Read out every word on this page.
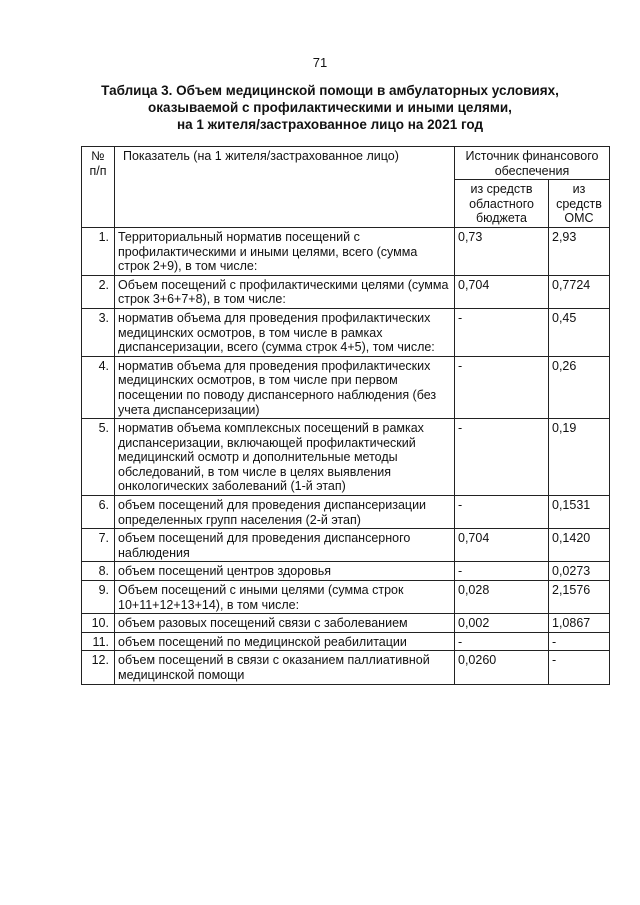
71
Таблица 3. Объем медицинской помощи в амбулаторных условиях,
оказываемой с профилактическими и иными целями,
на 1 жителя/застрахованное лицо на 2021 год
№ п/п	Показатель (на 1 жителя/застрахованное лицо)	Источник финансового обеспечения	
		из средств областного бюджета	из средств ОМС
1.	Территориальный норматив посещений с профилактическими и иными целями, всего (сумма строк 2+9), в том числе:	0,73	2,93
2.	Объем посещений с профилактическими целями (сумма строк 3+6+7+8), в том числе:	0,704	0,7724
3.	норматив объема для проведения профилактических медицинских осмотров, в том числе в рамках диспансеризации, всего (сумма строк 4+5), том числе:	-	0,45
4.	норматив объема для проведения профилактических медицинских осмотров, в том числе при первом посещении по поводу диспансерного наблюдения (без учета диспансеризации)	-	0,26
5.	норматив объема комплексных посещений в рамках диспансеризации, включающей профилактический медицинский осмотр и дополнительные методы обследований, в том числе в целях выявления онкологических заболеваний (1-й этап)	-	0,19
6.	объем посещений для проведения диспансеризации определенных групп населения (2-й этап)	-	0,1531
7.	объем посещений для проведения диспансерного наблюдения	0,704	0,1420
8.	объем посещений центров здоровья	-	0,0273
9.	Объем посещений с иными целями (сумма строк 10+11+12+13+14), в том числе:	0,028	2,1576
10.	объем разовых посещений связи с заболеванием	0,002	1,0867
11.	объем посещений по медицинской реабилитации	-	-
12.	объем посещений в связи с оказанием паллиативной медицинской помощи	0,0260	-
